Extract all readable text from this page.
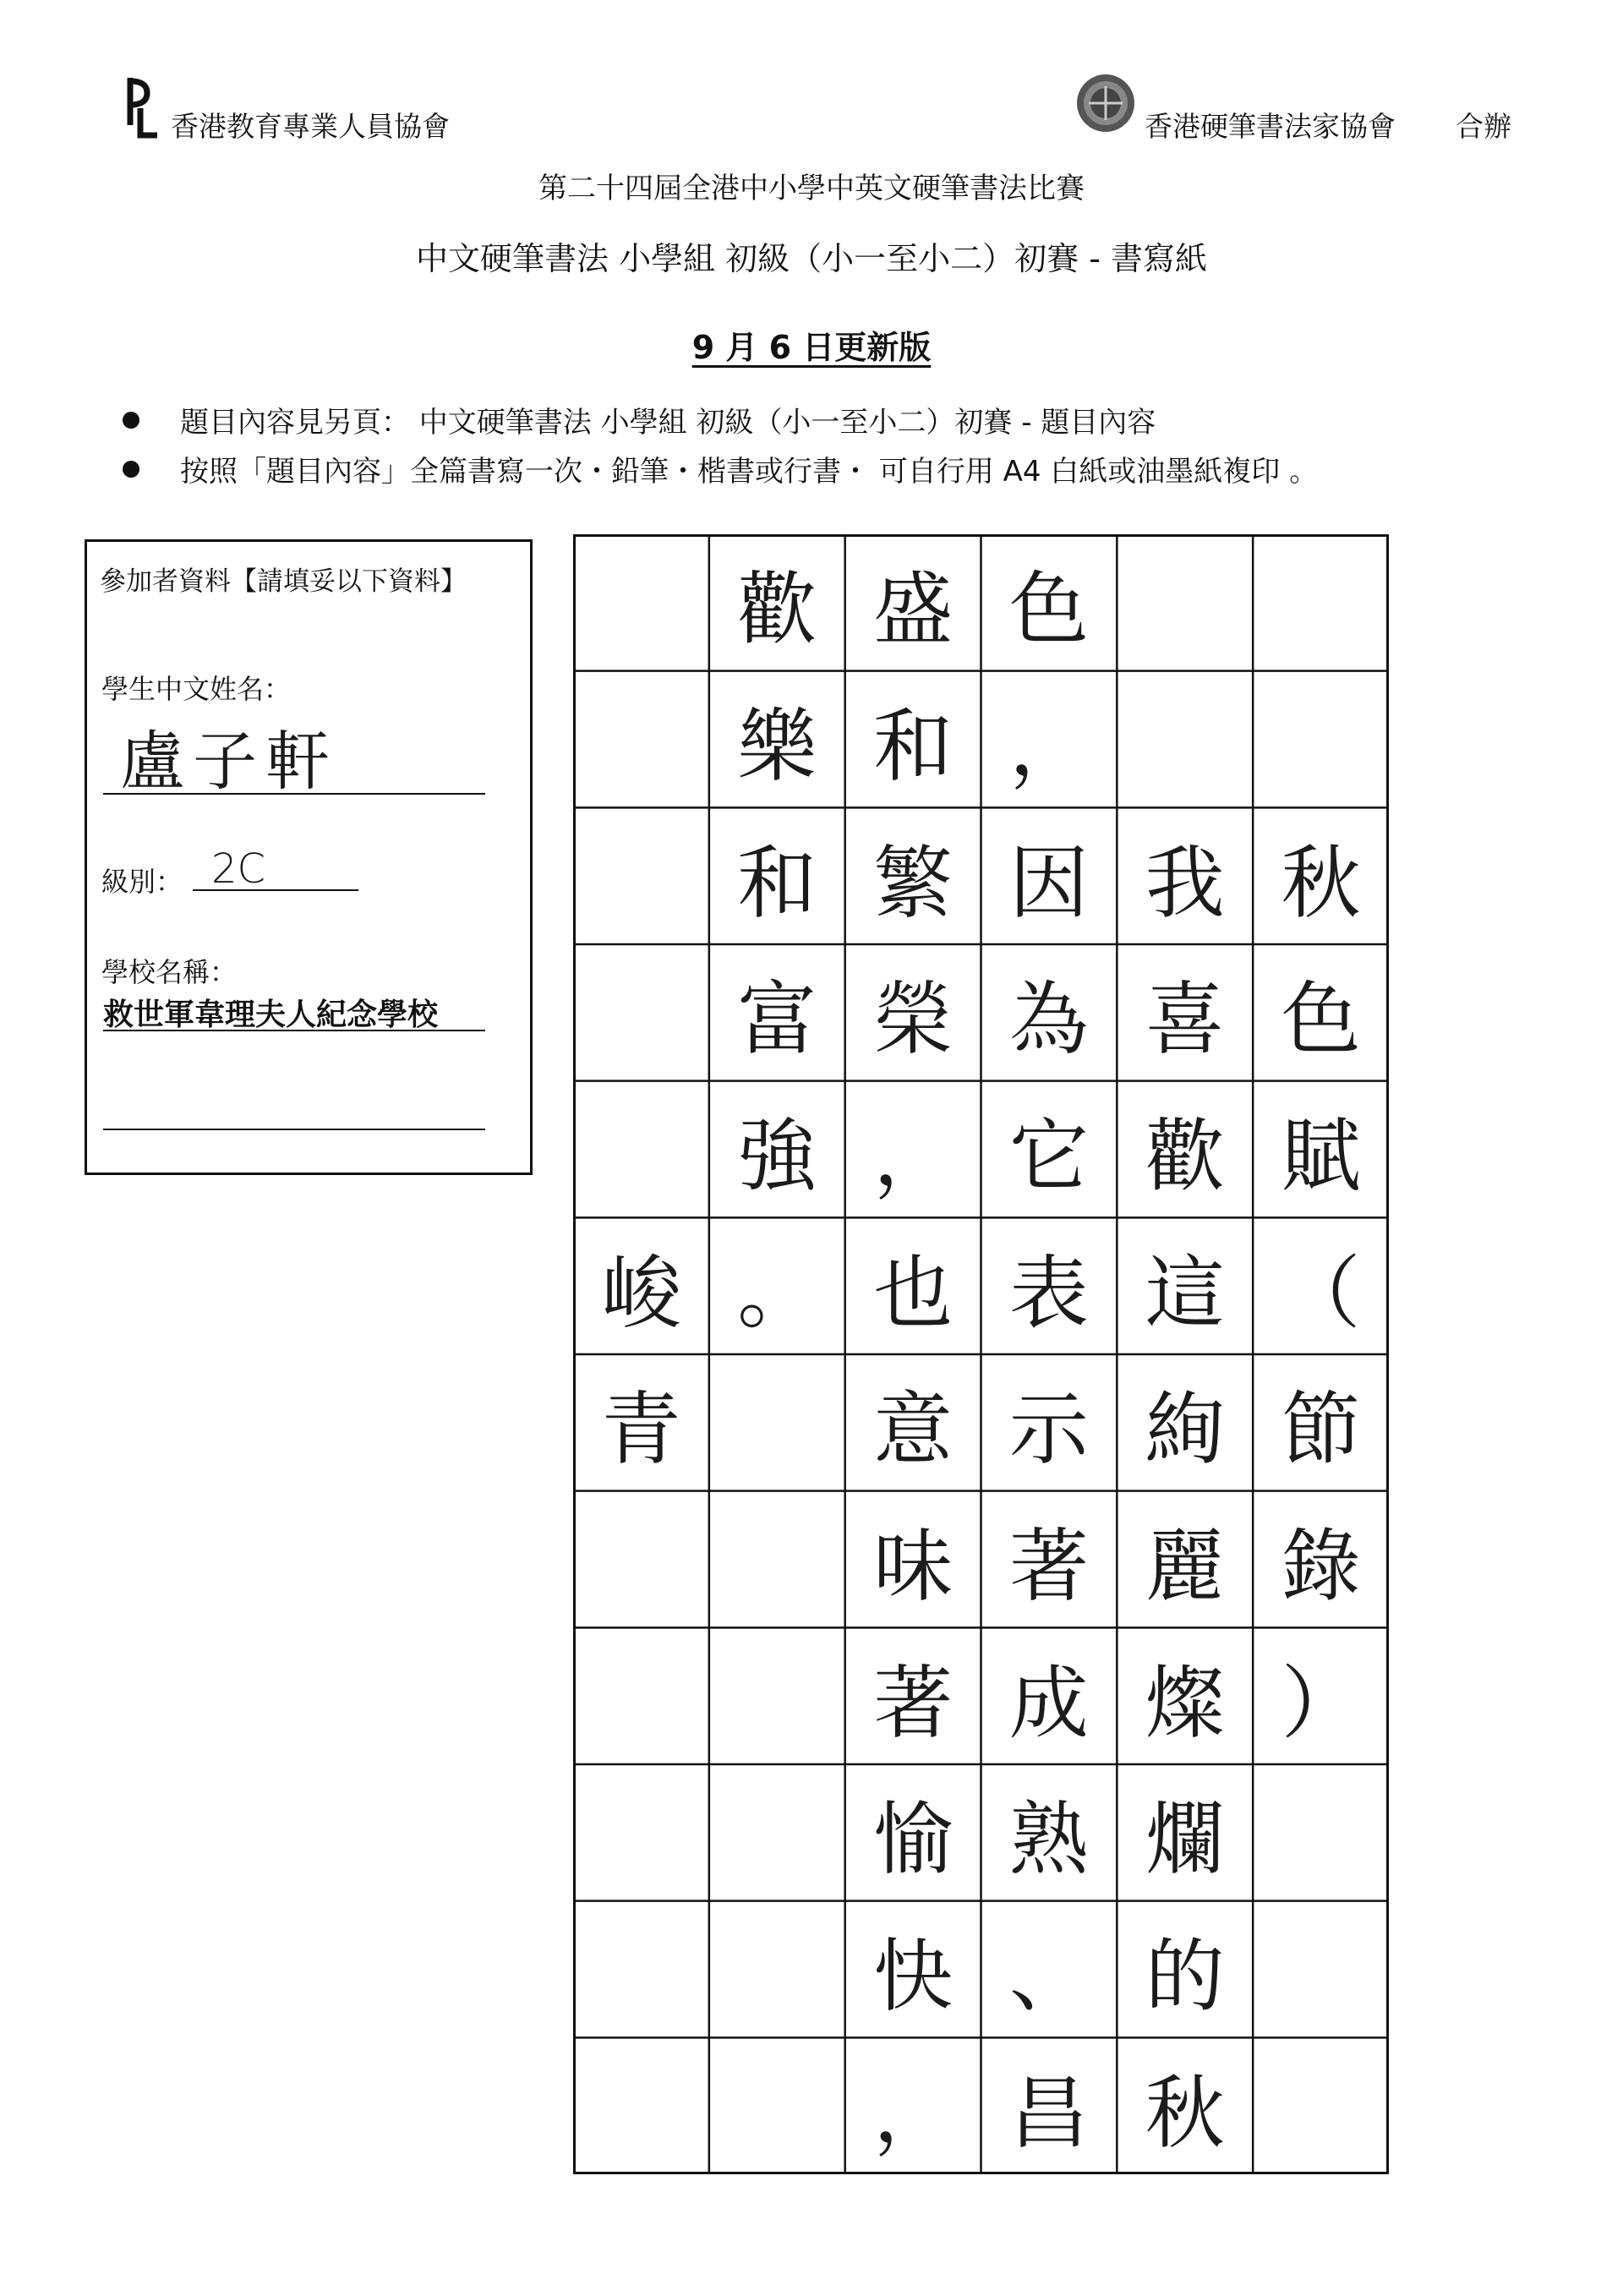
香港教育專業人員協會	香港硬筆書法家協會 合辦
第二十四屆全港中小學中英文硬筆書法比賽
中文硬筆書法 小學組 初級（小一至小二）初賽 - 書寫紙
9 月 6 日更新版
題目內容見另頁： 中文硬筆書法 小學組 初級（小一至小二）初賽 - 題目內容
按照「題目內容」全篇書寫一次・鉛筆・楷書或行書・ 可自行用 A4 白紙或油墨紙複印 。
參加者資料【請填妥以下資料】
學生中文姓名：
盧子軒
級別： 2C
學校名稱：
救世軍韋理夫人紀念學校
歡 盛 色
樂 和 ，
和 繁 因 我 秋
富 榮 為 喜 色
強 ， 它 歡 賦
峻 。 也 表 這 （
青	意 示 絢 節
味 著 麗 錄
著 成 燦 ）
愉 熟 爛
快 、 的
， 昌 秋
